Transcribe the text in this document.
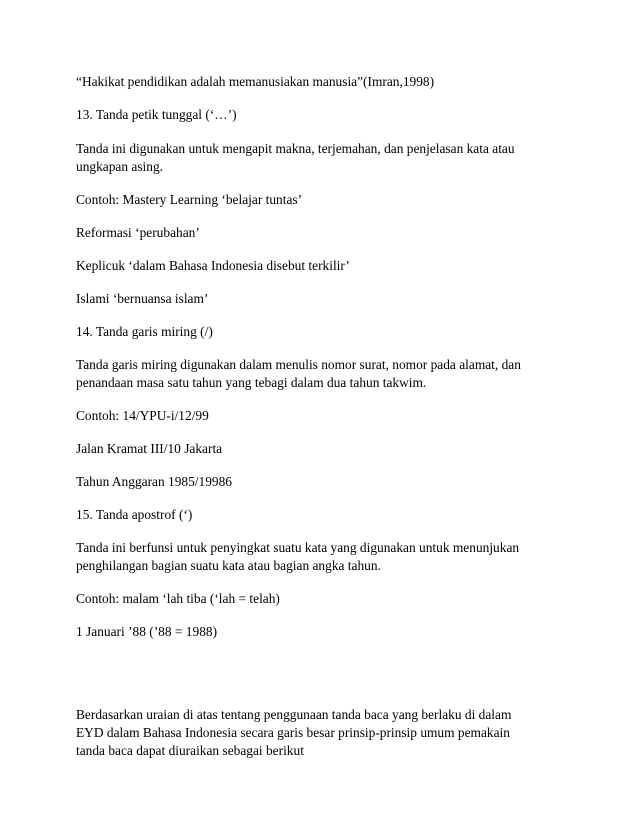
“Hakikat pendidikan adalah memanusiakan manusia”(Imran,1998)

13. Tanda petik tunggal (‘…’)

Tanda ini digunakan untuk mengapit makna, terjemahan, dan penjelasan kata atau

ungkapan asing.

Contoh: Mastery Learning ‘belajar tuntas’

Reformasi ‘perubahan’

Keplicuk ‘dalam Bahasa Indonesia disebut terkilir’

Islami ‘bernuansa islam’

14. Tanda garis miring (/)

Tanda garis miring digunakan dalam menulis nomor surat, nomor pada alamat, dan

penandaan masa satu tahun yang tebagi dalam dua tahun takwim.

Contoh: 14/YPU-i/12/99

Jalan Kramat III/10 Jakarta

Tahun Anggaran 1985/19986

15. Tanda apostrof (‘)

Tanda ini berfunsi untuk penyingkat suatu kata yang digunakan untuk menunjukan

penghilangan bagian suatu kata atau bagian angka tahun.

Contoh: malam ‘lah tiba (‘lah = telah)

1 Januari ’88 (’88 = 1988)

Berdasarkan uraian di atas tentang penggunaan tanda baca yang berlaku di dalam

EYD dalam Bahasa Indonesia secara garis besar prinsip-prinsip umum pemakain

tanda baca dapat diuraikan sebagai berikut
